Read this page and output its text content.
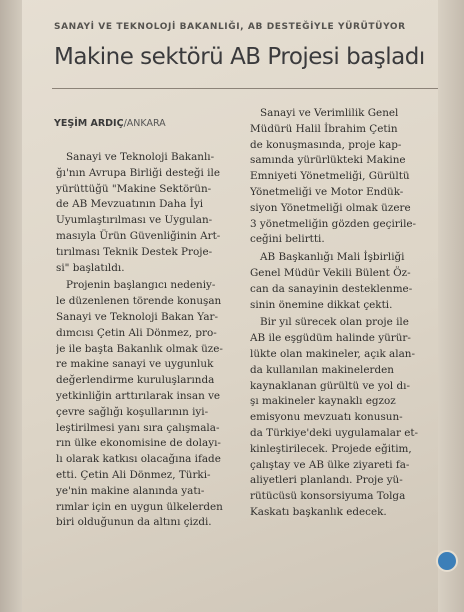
SANAYİ VE TEKNOLOJİ BAKANLIĞI, AB DESTEĞİYLE YÜRÜTÜYOR
Makine sektörü AB Projesi başladı
YEŞİM ARDIÇ/ANKARA

Sanayi ve Teknoloji Bakanlı-
ğı'nın Avrupa Birliği desteği ile
yürüttüğü "Makine Sektörün-
de AB Mevzuatının Daha İyi
Uyumlaştırılması ve Uygulan-
masıyla Ürün Güvenliğinin Art-
tırılması Teknik Destek Proje-
si" başlatıldı.

Projenin başlangıcı nedeniy-
le düzenlenen törende konuşan
Sanayi ve Teknoloji Bakan Yar-
dımcısı Çetin Ali Dönmez, pro-
je ile başta Bakanlık olmak üze-
re makine sanayi ve uygunluk
değerlendirme kuruluşlarında
yetkinliğin arttırılarak insan ve
çevre sağlığı koşullarının iyi-
leştirilmesi yanı sıra çalışmala-
rın ülke ekonomisine de dolayı-
lı olarak katkısı olacağına ifade
etti. Çetin Ali Dönmez, Türki-
ye'nin makine alanında yatı-
rımlar için en uygun ülkelerden
biri olduğunun da altını çizdi.

Sanayi ve Verimlilik Genel
Müdürü Halil İbrahim Çetin
de konuşmasında, proje kap-
samında yürürlükteki Makine
Emniyeti Yönetmeliği, Gürültü
Yönetmeliği ve Motor Endük-
siyon Yönetmeliği olmak üzere
3 yönetmeliğin gözden geçirile-
ceğini belirtti.

AB Başkanlığı Mali İşbirliği
Genel Müdür Vekili Bülent Öz-
can da sanayinin desteklenme-
sinin önemine dikkat çekti.

Bir yıl sürecek olan proje ile
AB ile eşgüdüm halinde yürür-
lükte olan makineler, açık alan-
da kullanılan makinelerden
kaynaklanan gürültü ve yol dı-
şı makineler kaynaklı egzoz
emisyonu mevzuatı konusun-
da Türkiye'deki uygulamalar et-
kinleştirilecek. Projede eğitim,
çalıştay ve AB ülke ziyareti fa-
aliyetleri planlandı. Proje yü-
rütücüsü konsorsiyuma Tolga
Kaskatı başkanlık edecek.
